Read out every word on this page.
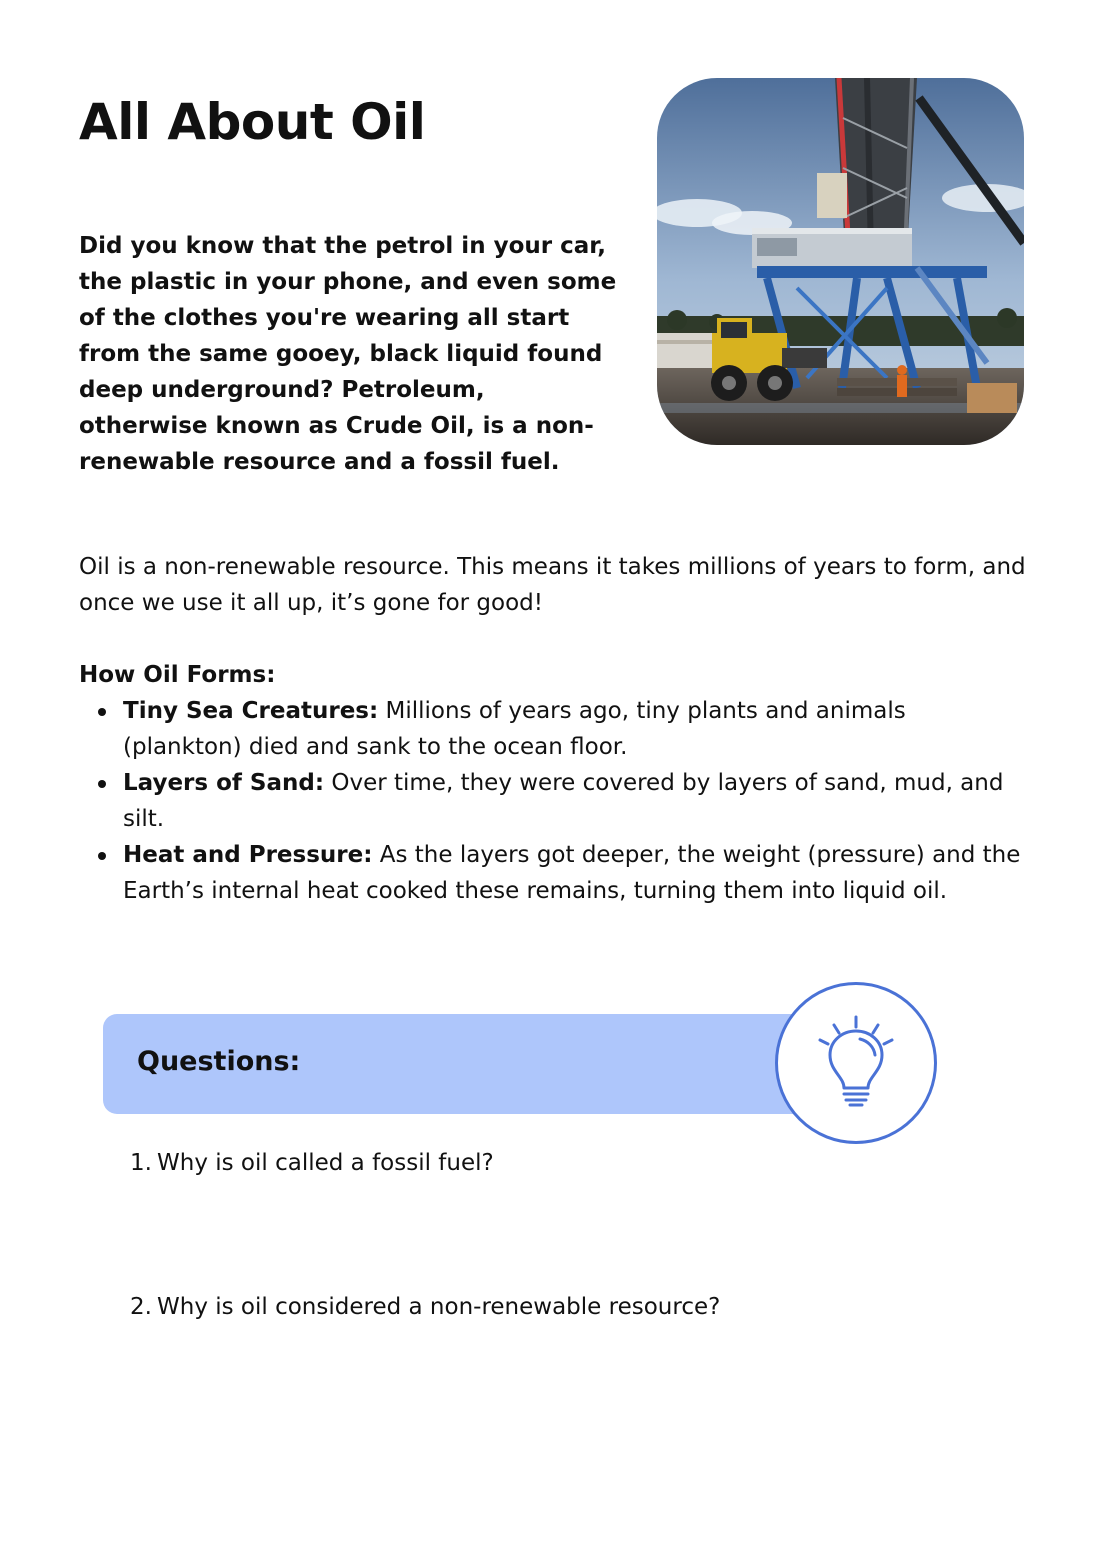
All About Oil

Did you know that the petrol in your car, the plastic in your phone, and even some of the clothes you're wearing all start from the same gooey, black liquid found deep underground? Petroleum, otherwise known as Crude Oil, is a non-renewable resource and a fossil fuel.

Oil is a non-renewable resource. This means it takes millions of years to form, and once we use it all up, it’s gone for good!

How Oil Forms:
Tiny Sea Creatures: Millions of years ago, tiny plants and animals (plankton) died and sank to the ocean floor.
Layers of Sand: Over time, they were covered by layers of sand, mud, and silt.
Heat and Pressure: As the layers got deeper, the weight (pressure) and the Earth’s internal heat cooked these remains, turning them into liquid oil.
Questions:
1. Why is oil called a fossil fuel?
2. Why is oil considered a non-renewable resource?
